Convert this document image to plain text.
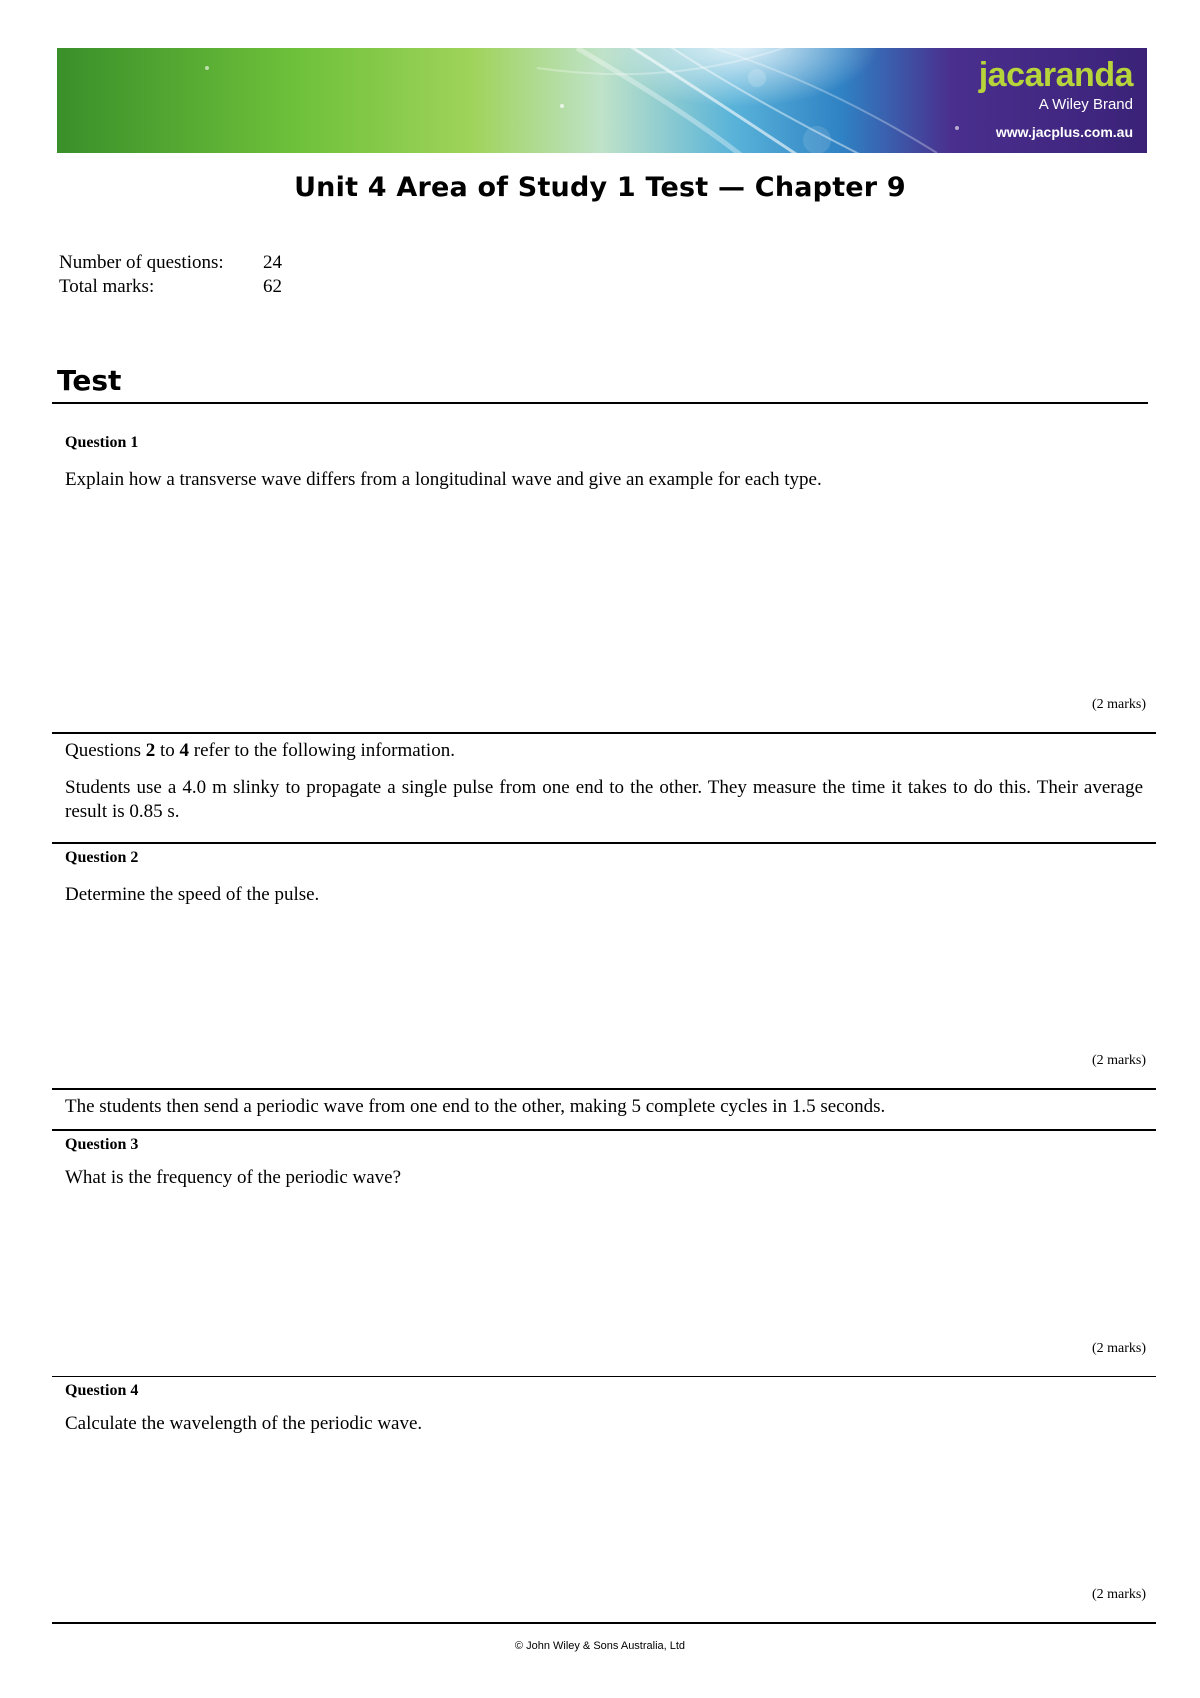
jacaranda
A Wiley Brand
www.jacplus.com.au
Unit 4 Area of Study 1 Test — Chapter 9
Number of questions:	24
Total marks:	62
Test
Question 1
Explain how a transverse wave differs from a longitudinal wave and give an example for each type.
(2 marks)
Questions 2 to 4 refer to the following information.
Students use a 4.0 m slinky to propagate a single pulse from one end to the other. They measure the time it takes to do this. Their average result is 0.85 s.
Question 2
Determine the speed of the pulse.
(2 marks)
The students then send a periodic wave from one end to the other, making 5 complete cycles in 1.5 seconds.
Question 3
What is the frequency of the periodic wave?
(2 marks)
Question 4
Calculate the wavelength of the periodic wave.
(2 marks)
© John Wiley & Sons Australia, Ltd
